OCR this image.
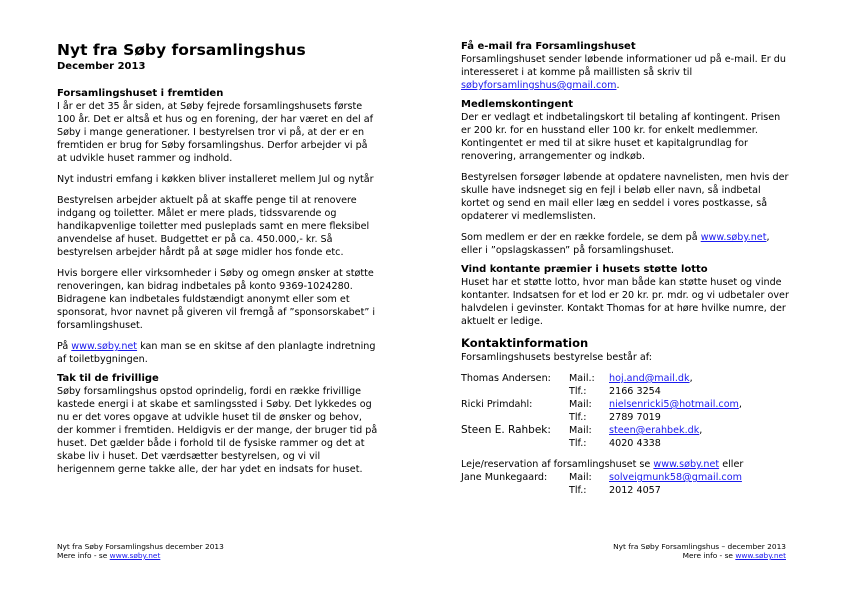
Nyt fra Søby forsamlingshus
December 2013
Forsamlingshuset i fremtiden

I år er det 35 år siden, at Søby fejrede forsamlingshusets første 100 år. Det er altså et hus og en forening, der har været en del af Søby i mange generationer. I bestyrelsen tror vi på, at der er en fremtiden er brug for Søby forsamlingshus. Derfor arbejder vi på at udvikle huset rammer og indhold.

Nyt industri emfang i køkken bliver installeret mellem Jul og nytår

Bestyrelsen arbejder aktuelt på at skaffe penge til at renovere indgang og toiletter. Målet er mere plads, tidssvarende og handikapvenlige toiletter med pusleplads samt en mere fleksibel anvendelse af huset. Budgettet er på ca. 450.000,- kr. Så bestyrelsen arbejder hårdt på at søge midler hos fonde etc.

Hvis borgere eller virksomheder i Søby og omegn ønsker at støtte renoveringen, kan bidrag indbetales på konto 9369-1024280. Bidragene kan indbetales fuldstændigt anonymt eller som et sponsorat, hvor navnet på giveren vil fremgå af ”sponsorskabet” i forsamlingshuset.

På www.søby.net kan man se en skitse af den planlagte indretning af toiletbygningen.

Tak til de frivillige

Søby forsamlingshus opstod oprindelig, fordi en række frivillige kastede energi i at skabe et samlingssted i Søby. Det lykkedes og nu er det vores opgave at udvikle huset til de ønsker og behov, der kommer i fremtiden. Heldigvis er der mange, der bruger tid på huset. Det gælder både i forhold til de fysiske rammer og det at skabe liv i huset. Det værdsætter bestyrelsen, og vi vil herigennem gerne takke alle, der har ydet en indsats for huset.

Få e-mail fra Forsamlingshuset

Forsamlingshuset sender løbende informationer ud på e-mail. Er du interesseret i at komme på maillisten så skriv til søbyforsamlingshus@gmail.com.

Medlemskontingent

Der er vedlagt et indbetalingskort til betaling af kontingent. Prisen er 200 kr. for en husstand eller 100 kr. for enkelt medlemmer. Kontingentet er med til at sikre huset et kapitalgrundlag for renovering, arrangementer og indkøb.

Bestyrelsen forsøger løbende at opdatere navnelisten, men hvis der skulle have indsneget sig en fejl i beløb eller navn, så indbetal kortet og send en mail eller læg en seddel i vores postkasse, så opdaterer vi medlemslisten.

Som medlem er der en række fordele, se dem på www.søby.net, eller i ”opslagskassen” på forsamlingshuset.

Vind kontante præmier i husets støtte lotto

Huset har et støtte lotto, hvor man både kan støtte huset og vinde kontanter. Indsatsen for et lod er 20 kr. pr. mdr. og vi udbetaler over halvdelen i gevinster. Kontakt Thomas for at høre hvilke numre, der aktuelt er ledige.

Kontaktinformation
Forsamlingshusets bestyrelse består af:
Thomas Andersen:	Mail.:	hoj.and@mail.dk ,
Tlf.:	2166 3254
Ricki Primdahl:	Mail:	nielsenricki5@hotmail.com ,
Tlf.:	2789 7019
Steen E. Rahbek:	Mail:	steen@erahbek.dk ,
Tlf.:	4020 4338
Leje/reservation af forsamlingshuset se www.søby.net eller
Jane Munkegaard:	Mail:	solveigmunk58@gmail.com
Tlf.:	2012 4057
Nyt fra Søby Forsamlingshus december 2013
Mere info - se www.søby.net
Nyt fra Søby Forsamlingshus – december 2013
Mere info - se www.søby.net
